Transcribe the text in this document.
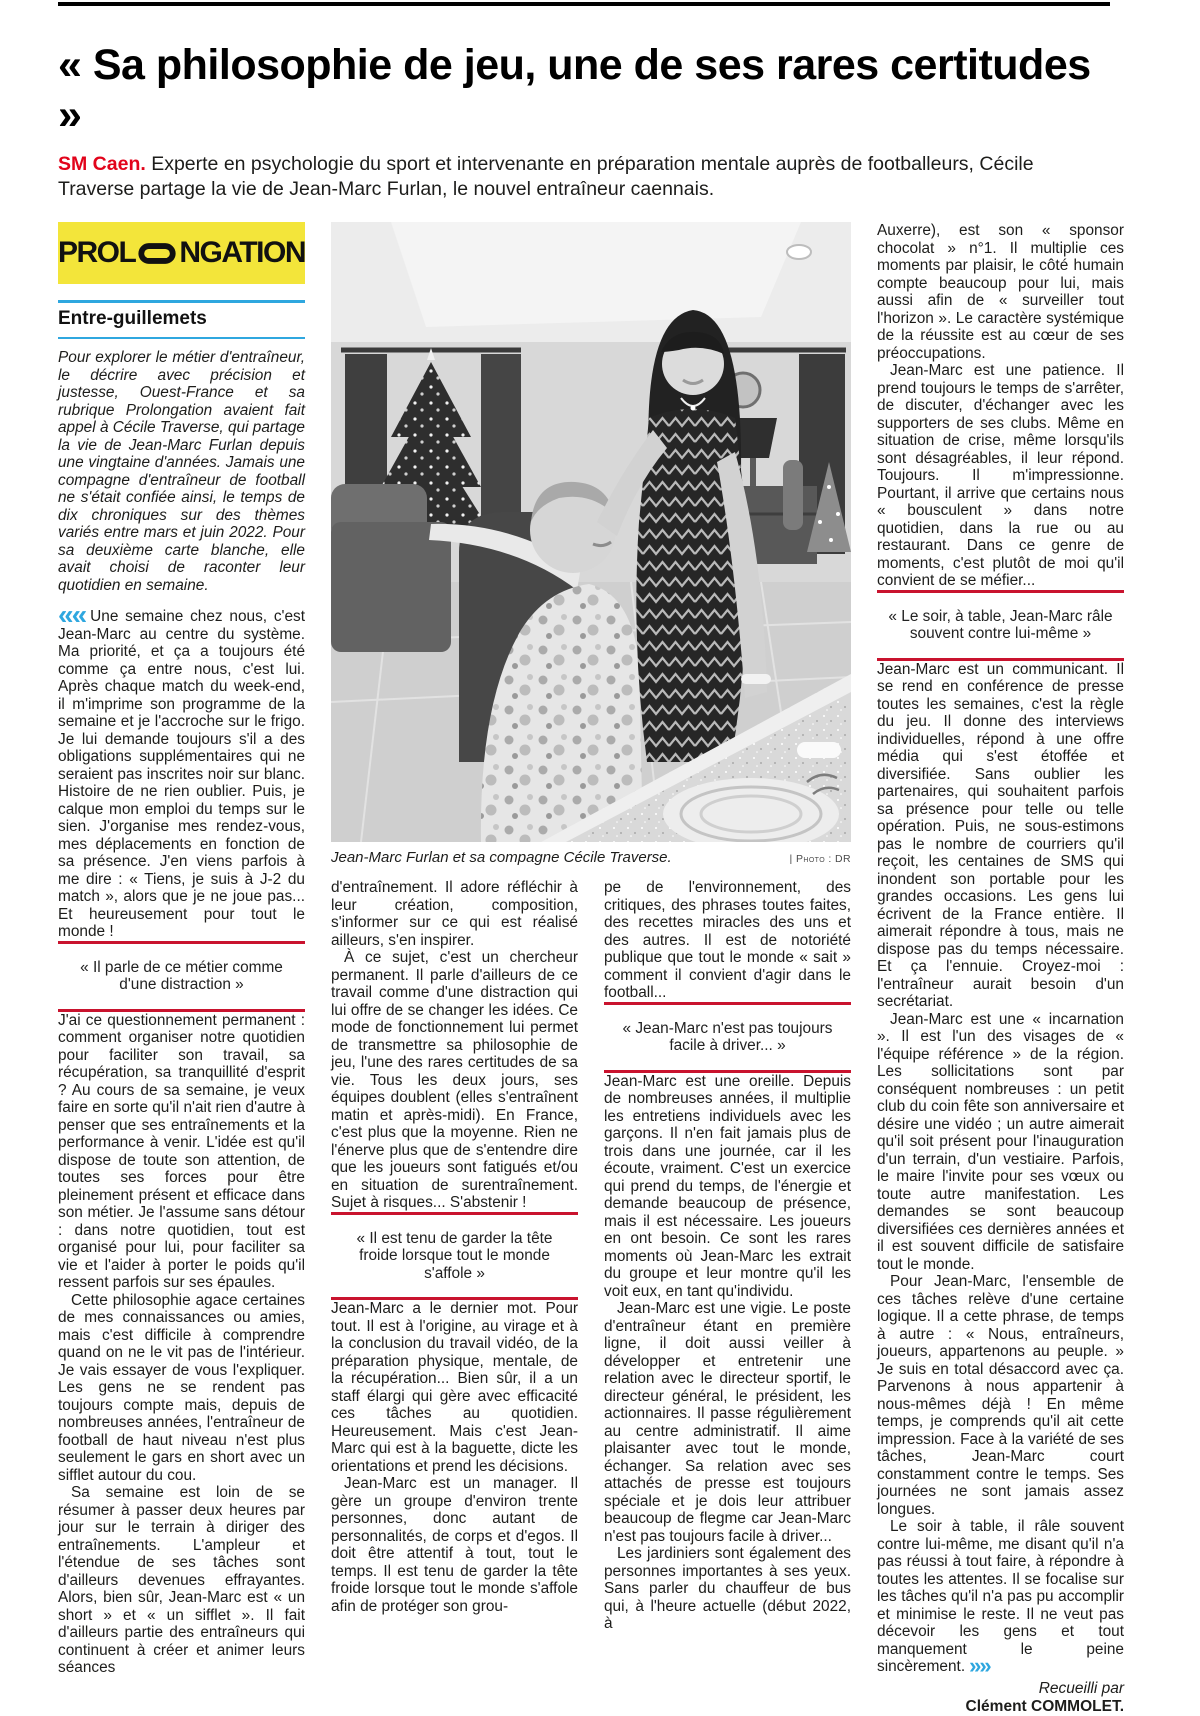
« Sa philosophie de jeu, une de ses rares certitudes »
SM Caen. Experte en psychologie du sport et intervenante en préparation mentale auprès de footballeurs, Cécile Traverse partage la vie de Jean-Marc Furlan, le nouvel entraîneur caennais.
PROL NGATION
Entre-guillemets

Pour explorer le métier d'entraîneur, le décrire avec précision et justesse, Ouest-France et sa rubrique Prolongation avaient fait appel à Cécile Traverse, qui partage la vie de Jean-Marc Furlan depuis une vingtaine d'années. Jamais une compagne d'entraîneur de football ne s'était confiée ainsi, le temps de dix chroniques sur des thèmes variés entre mars et juin 2022. Pour sa deuxième carte blanche, elle avait choisi de raconter leur quotidien en semaine.

«« Une semaine chez nous, c'est Jean-Marc au centre du système. Ma priorité, et ça a toujours été comme ça entre nous, c'est lui. Après chaque match du week-end, il m'imprime son programme de la semaine et je l'accroche sur le frigo. Je lui demande toujours s'il a des obligations supplémentaires qui ne seraient pas inscrites noir sur blanc. Histoire de ne rien oublier. Puis, je calque mon emploi du temps sur le sien. J'organise mes rendez-vous, mes déplacements en fonction de sa présence. J'en viens parfois à me dire : « Tiens, je suis à J-2 du match », alors que je ne joue pas... Et heureusement pour tout le monde !

« Il parle de ce métier comme d'une distraction »

J'ai ce questionnement permanent : comment organiser notre quotidien pour faciliter son travail, sa récupération, sa tranquillité d'esprit ? Au cours de sa semaine, je veux faire en sorte qu'il n'ait rien d'autre à penser que ses entraînements et la performance à venir. L'idée est qu'il dispose de toute son attention, de toutes ses forces pour être pleinement présent et efficace dans son métier. Je l'assume sans détour : dans notre quotidien, tout est organisé pour lui, pour faciliter sa vie et l'aider à porter le poids qu'il ressent parfois sur ses épaules.

Cette philosophie agace certaines de mes connaissances ou amies, mais c'est difficile à comprendre quand on ne le vit pas de l'intérieur. Je vais essayer de vous l'expliquer. Les gens ne se rendent pas toujours compte mais, depuis de nombreuses années, l'entraîneur de football de haut niveau n'est plus seulement le gars en short avec un sifflet autour du cou.

Sa semaine est loin de se résumer à passer deux heures par jour sur le terrain à diriger des entraînements. L'ampleur et l'étendue de ses tâches sont d'ailleurs devenues effrayantes. Alors, bien sûr, Jean-Marc est « un short » et « un sifflet ». Il fait d'ailleurs partie des entraîneurs qui continuent à créer et animer leurs séances

Jean-Marc Furlan et sa compagne Cécile Traverse.	| Photo : DR

d'entraînement. Il adore réfléchir à leur création, composition, s'informer sur ce qui est réalisé ailleurs, s'en inspirer.

À ce sujet, c'est un chercheur permanent. Il parle d'ailleurs de ce travail comme d'une distraction qui lui offre de se changer les idées. Ce mode de fonctionnement lui permet de transmettre sa philosophie de jeu, l'une des rares certitudes de sa vie. Tous les deux jours, ses équipes doublent (elles s'entraînent matin et après-midi). En France, c'est plus que la moyenne. Rien ne l'énerve plus que de s'entendre dire que les joueurs sont fatigués et/ou en situation de surentraînement. Sujet à risques... S'abstenir !

« Il est tenu de garder la tête froide lorsque tout le monde s'affole »

Jean-Marc a le dernier mot. Pour tout. Il est à l'origine, au virage et à la conclusion du travail vidéo, de la préparation physique, mentale, de la récupération... Bien sûr, il a un staff élargi qui gère avec efficacité ces tâches au quotidien. Heureusement. Mais c'est Jean-Marc qui est à la baguette, dicte les orientations et prend les décisions.

Jean-Marc est un manager. Il gère un groupe d'environ trente personnes, donc autant de personnalités, de corps et d'egos. Il doit être attentif à tout, tout le temps. Il est tenu de garder la tête froide lorsque tout le monde s'affole afin de protéger son grou-

pe de l'environnement, des critiques, des phrases toutes faites, des recettes miracles des uns et des autres. Il est de notoriété publique que tout le monde « sait » comment il convient d'agir dans le football...

« Jean-Marc n'est pas toujours facile à driver... »

Jean-Marc est une oreille. Depuis de nombreuses années, il multiplie les entretiens individuels avec les garçons. Il n'en fait jamais plus de trois dans une journée, car il les écoute, vraiment. C'est un exercice qui prend du temps, de l'énergie et demande beaucoup de présence, mais il est nécessaire. Les joueurs en ont besoin. Ce sont les rares moments où Jean-Marc les extrait du groupe et leur montre qu'il les voit eux, en tant qu'individu.

Jean-Marc est une vigie. Le poste d'entraîneur étant en première ligne, il doit aussi veiller à développer et entretenir une relation avec le directeur sportif, le directeur général, le président, les actionnaires. Il passe régulièrement au centre administratif. Il aime plaisanter avec tout le monde, échanger. Sa relation avec ses attachés de presse est toujours spéciale et je dois leur attribuer beaucoup de flegme car Jean-Marc n'est pas toujours facile à driver...

Les jardiniers sont également des personnes importantes à ses yeux. Sans parler du chauffeur de bus qui, à l'heure actuelle (début 2022, à

Auxerre), est son « sponsor chocolat » n°1. Il multiplie ces moments par plaisir, le côté humain compte beaucoup pour lui, mais aussi afin de « surveiller tout l'horizon ». Le caractère systémique de la réussite est au cœur de ses préoccupations.

Jean-Marc est une patience. Il prend toujours le temps de s'arrêter, de discuter, d'échanger avec les supporters de ses clubs. Même en situation de crise, même lorsqu'ils sont désagréables, il leur répond. Toujours. Il m'impressionne. Pourtant, il arrive que certains nous « bousculent » dans notre quotidien, dans la rue ou au restaurant. Dans ce genre de moments, c'est plutôt de moi qu'il convient de se méfier...

« Le soir, à table, Jean-Marc râle souvent contre lui-même »

Jean-Marc est un communicant. Il se rend en conférence de presse toutes les semaines, c'est la règle du jeu. Il donne des interviews individuelles, répond à une offre média qui s'est étoffée et diversifiée. Sans oublier les partenaires, qui souhaitent parfois sa présence pour telle ou telle opération. Puis, ne sous-estimons pas le nombre de courriers qu'il reçoit, les centaines de SMS qui inondent son portable pour les grandes occasions. Les gens lui écrivent de la France entière. Il aimerait répondre à tous, mais ne dispose pas du temps nécessaire. Et ça l'ennuie. Croyez-moi : l'entraîneur aurait besoin d'un secrétariat.

Jean-Marc est une « incarnation ». Il est l'un des visages de « l'équipe référence » de la région. Les sollicitations sont par conséquent nombreuses : un petit club du coin fête son anniversaire et désire une vidéo ; un autre aimerait qu'il soit présent pour l'inauguration d'un terrain, d'un vestiaire. Parfois, le maire l'invite pour ses vœux ou toute autre manifestation. Les demandes se sont beaucoup diversifiées ces dernières années et il est souvent difficile de satisfaire tout le monde.

Pour Jean-Marc, l'ensemble de ces tâches relève d'une certaine logique. Il a cette phrase, de temps à autre : « Nous, entraîneurs, joueurs, appartenons au peuple. » Je suis en total désaccord avec ça. Parvenons à nous appartenir à nous-mêmes déjà ! En même temps, je comprends qu'il ait cette impression. Face à la variété de ses tâches, Jean-Marc court constamment contre le temps. Ses journées ne sont jamais assez longues.

Le soir à table, il râle souvent contre lui-même, me disant qu'il n'a pas réussi à tout faire, à répondre à toutes les attentes. Il se focalise sur les tâches qu'il n'a pas pu accomplir et minimise le reste. Il ne veut pas décevoir les gens et tout manquement le peine sincèrement. »»

Recueilli par
Clément COMMOLET.
